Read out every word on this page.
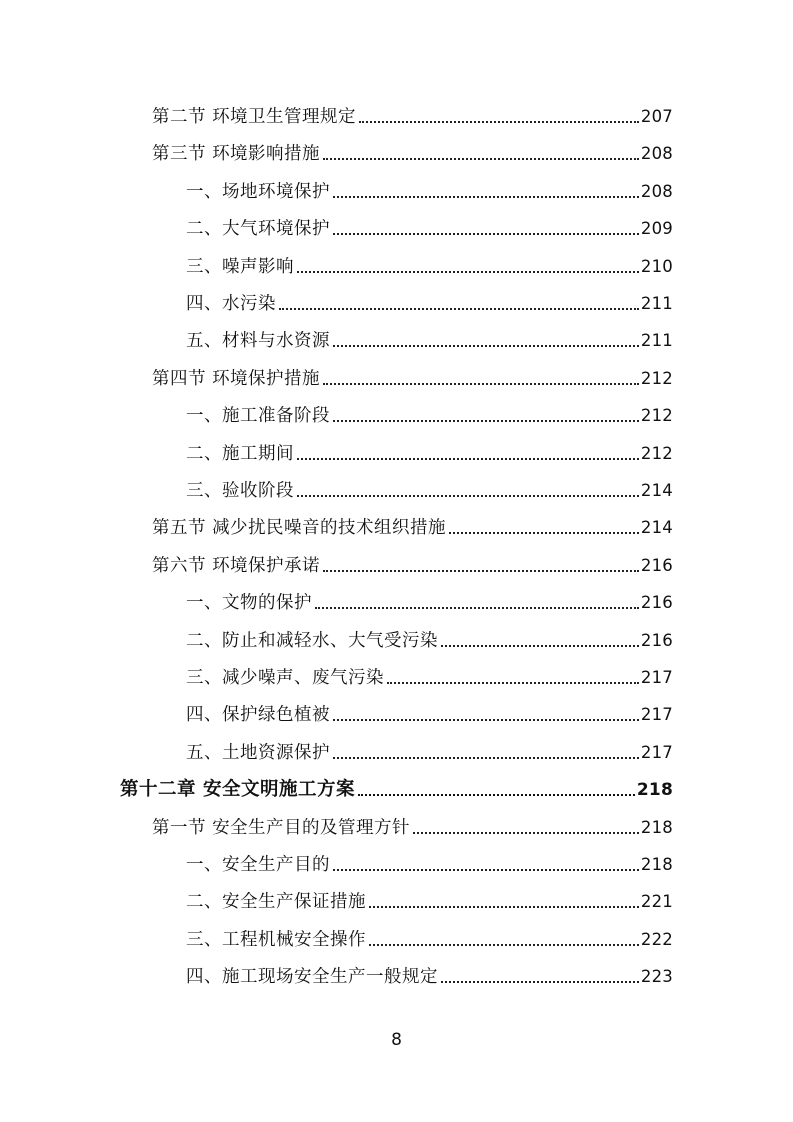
第二节 环境卫生管理规定	207
第三节 环境影响措施	208
一、场地环境保护	208
二、大气环境保护	209
三、噪声影响	210
四、水污染	211
五、材料与水资源	211
第四节 环境保护措施	212
一、施工准备阶段	212
二、施工期间	212
三、验收阶段	214
第五节 减少扰民噪音的技术组织措施	214
第六节 环境保护承诺	216
一、文物的保护	216
二、防止和减轻水、大气受污染	216
三、减少噪声、废气污染	217
四、保护绿色植被	217
五、土地资源保护	217
第十二章 安全文明施工方案	218
第一节 安全生产目的及管理方针	218
一、安全生产目的	218
二、安全生产保证措施	221
三、工程机械安全操作	222
四、施工现场安全生产一般规定	223
8
